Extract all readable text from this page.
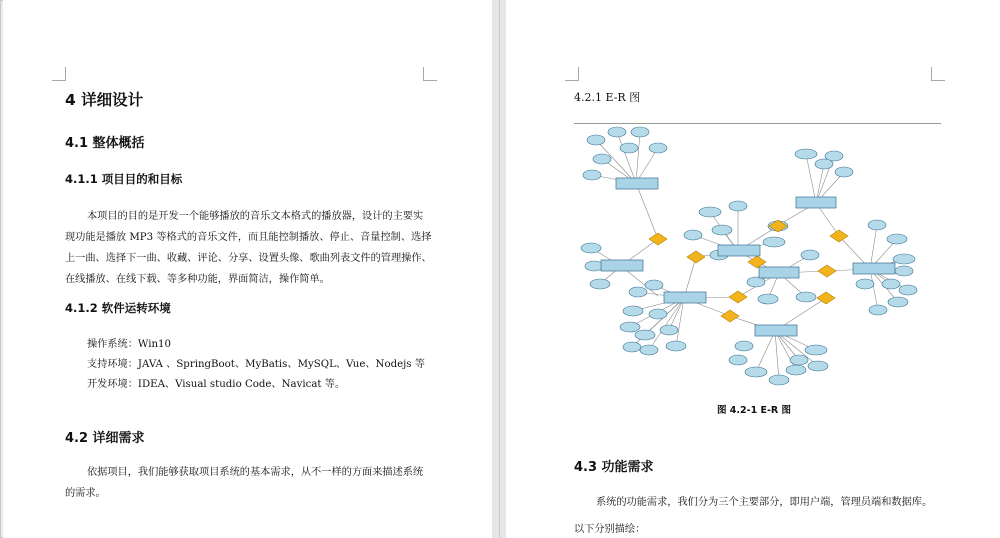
4 详细设计
4.1 整体概括
4.1.1 项目目的和目标
本项目的目的是开发一个能够播放的音乐文本格式的播放器，设计的主要实
现功能是播放 MP3 等格式的音乐文件，而且能控制播放、停止、音量控制、选择
上一曲、选择下一曲、收藏、评论、分享、设置头像、歌曲列表文件的管理操作、
在线播放、在线下载、等多种功能，界面简洁，操作简单。
4.1.2 软件运转环境
操作系统：Win10
支持环境：JAVA 、SpringBoot、MyBatis、MySQL、Vue、Nodejs 等
开发环境：IDEA、Visual studio Code、Navicat 等。
4.2 详细需求
依据项目，我们能够获取项目系统的基本需求，从不一样的方面来描述系统
的需求。
4.2.1 E-R 图
图 4.2-1 E-R 图
4.3 功能需求
系统的功能需求，我们分为三个主要部分，即用户端，管理员端和数据库。
以下分别描绘：
